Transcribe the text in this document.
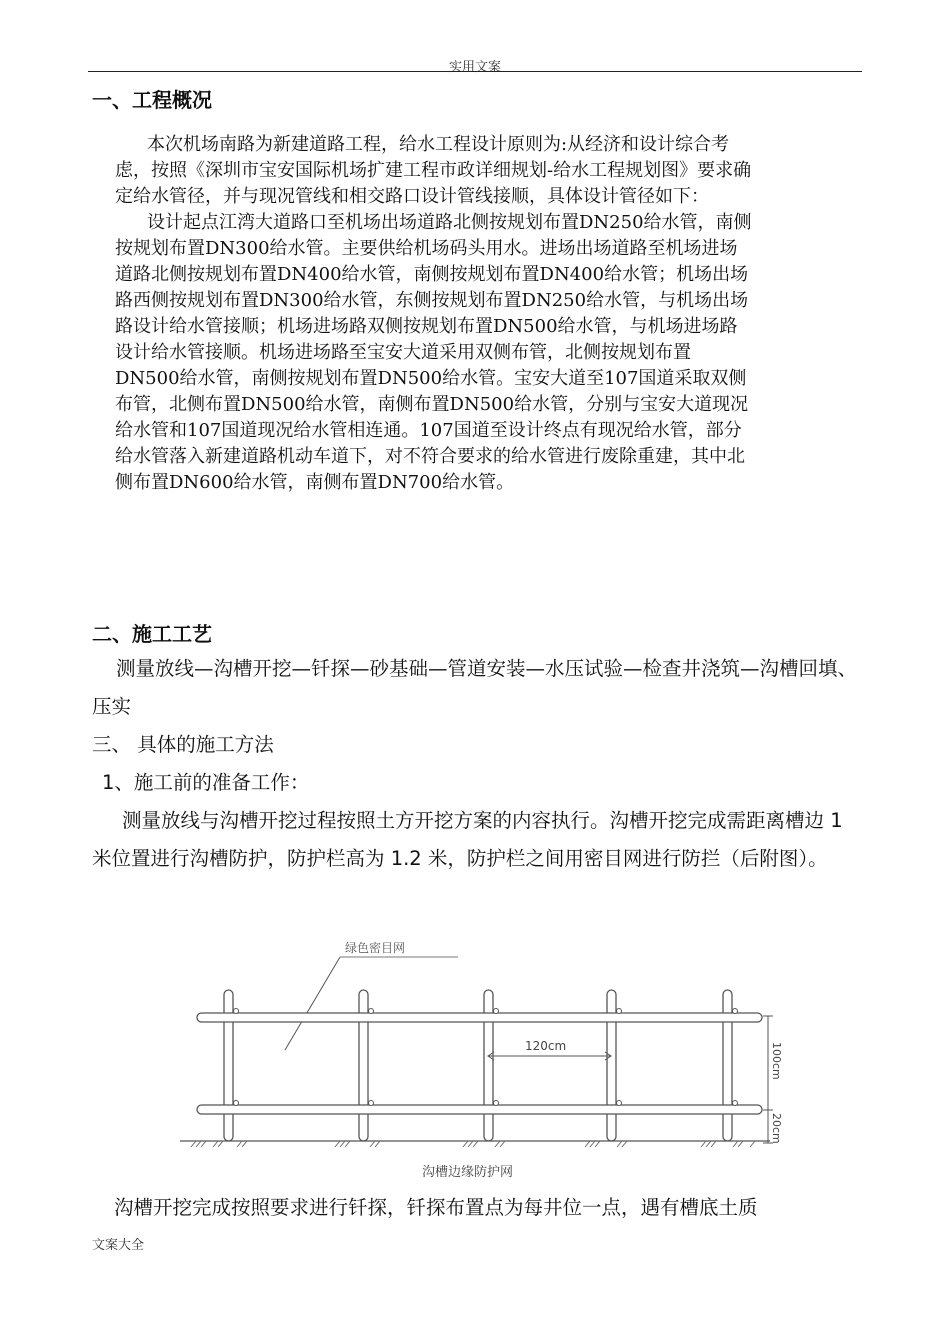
实用文案
一、工程概况

本次机场南路为新建道路工程，给水工程设计原则为:从经济和设计综合考虑，按照《深圳市宝安国际机场扩建工程市政详细规划-给水工程规划图》要求确定给水管径，并与现况管线和相交路口设计管线接顺，具体设计管径如下：

设计起点江湾大道路口至机场出场道路北侧按规划布置DN250给水管，南侧按规划布置DN300给水管。主要供给机场码头用水。进场出场道路至机场进场道路北侧按规划布置DN400给水管，南侧按规划布置DN400给水管；机场出场路西侧按规划布置DN300给水管，东侧按规划布置DN250给水管，与机场出场路设计给水管接顺；机场进场路双侧按规划布置DN500给水管，与机场进场路设计给水管接顺。机场进场路至宝安大道采用双侧布管，北侧按规划布置DN500给水管，南侧按规划布置DN500给水管。宝安大道至107国道采取双侧布管，北侧布置DN500给水管，南侧布置DN500给水管，分别与宝安大道现况给水管和107国道现况给水管相连通。107国道至设计终点有现况给水管，部分给水管落入新建道路机动车道下，对不符合要求的给水管进行废除重建，其中北侧布置DN600给水管，南侧布置DN700给水管。

二、施工工艺

测量放线—沟槽开挖—钎探—砂基础—管道安装—水压试验—检查井浇筑—沟槽回填、压实

三、 具体的施工方法

1、施工前的准备工作：

测量放线与沟槽开挖过程按照土方开挖方案的内容执行。沟槽开挖完成需距离槽边 1 米位置进行沟槽防护，防护栏高为 1.2 米，防护栏之间用密目网进行防拦（后附图）。

绿色密目网
120cm	100cm
20cm
沟槽边缘防护网

沟槽开挖完成按照要求进行钎探，钎探布置点为每井位一点，遇有槽底土质

文案大全
